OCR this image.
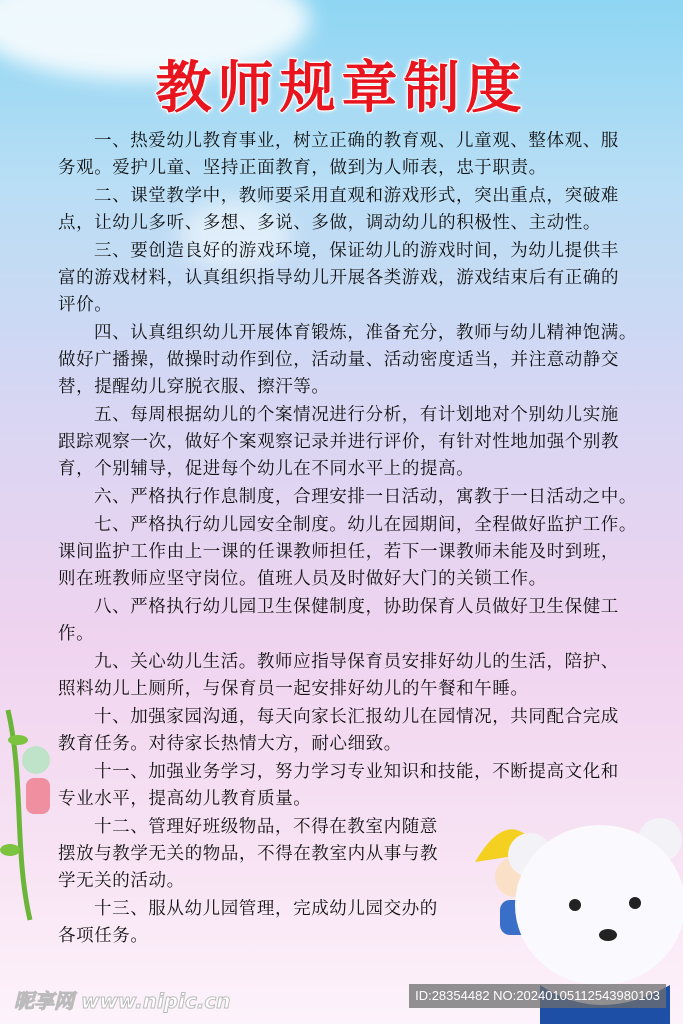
教师规章制度
一、热爱幼儿教育事业，树立正确的教育观、儿童观、整体观、服
务观。爱护儿童、坚持正面教育，做到为人师表，忠于职责。
二、课堂教学中，教师要采用直观和游戏形式，突出重点，突破难
点，让幼儿多听、多想、多说、多做，调动幼儿的积极性、主动性。
三、要创造良好的游戏环境，保证幼儿的游戏时间，为幼儿提供丰
富的游戏材料，认真组织指导幼儿开展各类游戏，游戏结束后有正确的
评价。
四、认真组织幼儿开展体育锻炼，准备充分，教师与幼儿精神饱满。
做好广播操，做操时动作到位，活动量、活动密度适当，并注意动静交
替，提醒幼儿穿脱衣服、擦汗等。
五、每周根据幼儿的个案情况进行分析，有计划地对个别幼儿实施
跟踪观察一次，做好个案观察记录并进行评价，有针对性地加强个别教
育，个别辅导，促进每个幼儿在不同水平上的提高。
六、严格执行作息制度，合理安排一日活动，寓教于一日活动之中。
七、严格执行幼儿园安全制度。幼儿在园期间，全程做好监护工作。
课间监护工作由上一课的任课教师担任，若下一课教师未能及时到班，
则在班教师应坚守岗位。值班人员及时做好大门的关锁工作。
八、严格执行幼儿园卫生保健制度，协助保育人员做好卫生保健工
作。
九、关心幼儿生活。教师应指导保育员安排好幼儿的生活，陪护、
照料幼儿上厕所，与保育员一起安排好幼儿的午餐和午睡。
十、加强家园沟通，每天向家长汇报幼儿在园情况，共同配合完成
教育任务。对待家长热情大方，耐心细致。
十一、加强业务学习，努力学习专业知识和技能，不断提高文化和
专业水平，提高幼儿教育质量。
十二、管理好班级物品，不得在教室内随意
摆放与教学无关的物品，不得在教室内从事与教
学无关的活动。
十三、服从幼儿园管理，完成幼儿园交办的
各项任务。
昵享网 www.nipic.cn	ID:28354482 NO:20240105112543980103
